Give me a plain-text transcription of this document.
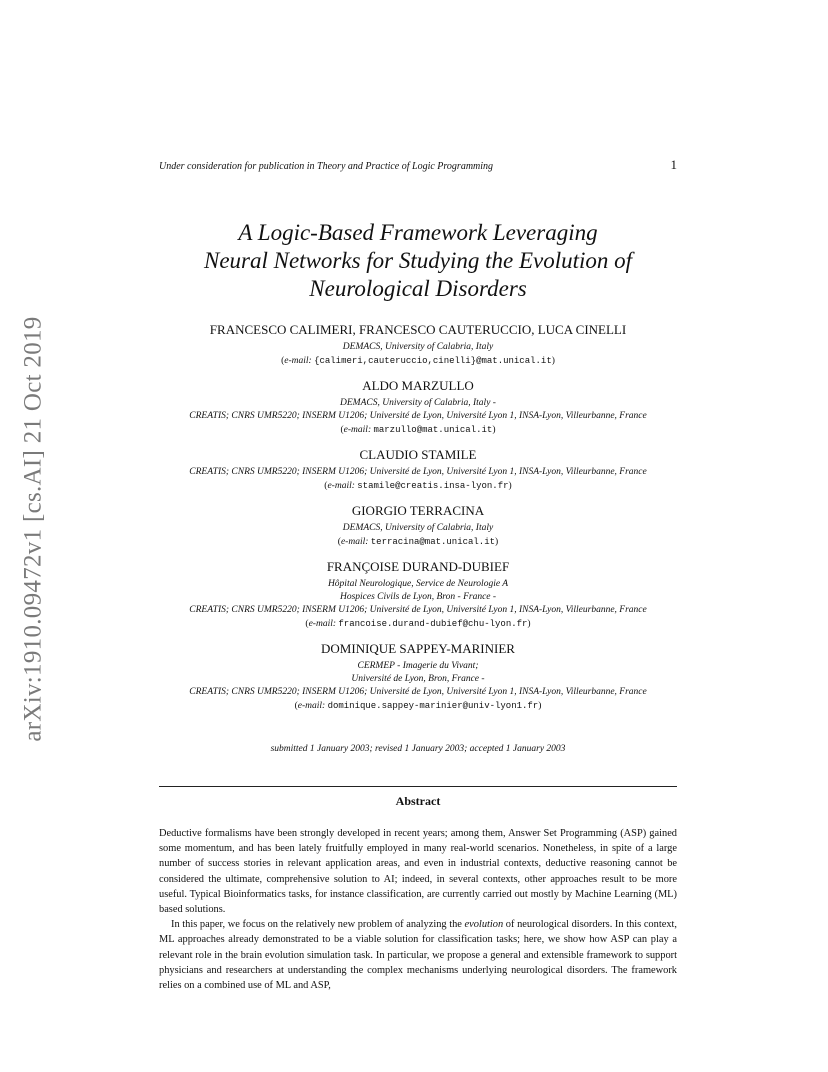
arXiv:1910.09472v1 [cs.AI] 21 Oct 2019
Under consideration for publication in Theory and Practice of Logic Programming	1
A Logic-Based Framework Leveraging
Neural Networks for Studying the Evolution of
Neurological Disorders
FRANCESCO CALIMERI, FRANCESCO CAUTERUCCIO, LUCA CINELLI
DEMACS, University of Calabria, Italy
(e-mail: {calimeri,cauteruccio,cinelli}@mat.unical.it)
ALDO MARZULLO
DEMACS, University of Calabria, Italy -
CREATIS; CNRS UMR5220; INSERM U1206; Université de Lyon, Université Lyon 1, INSA-Lyon, Villeurbanne, France
(e-mail: marzullo@mat.unical.it)
CLAUDIO STAMILE
CREATIS; CNRS UMR5220; INSERM U1206; Université de Lyon, Université Lyon 1, INSA-Lyon, Villeurbanne, France
(e-mail: stamile@creatis.insa-lyon.fr)
GIORGIO TERRACINA
DEMACS, University of Calabria, Italy
(e-mail: terracina@mat.unical.it)
FRANÇOISE DURAND-DUBIEF
Hôpital Neurologique, Service de Neurologie A
Hospices Civils de Lyon, Bron - France -
CREATIS; CNRS UMR5220; INSERM U1206; Université de Lyon, Université Lyon 1, INSA-Lyon, Villeurbanne, France
(e-mail: francoise.durand-dubief@chu-lyon.fr)
DOMINIQUE SAPPEY-MARINIER
CERMEP - Imagerie du Vivant;
Université de Lyon, Bron, France -
CREATIS; CNRS UMR5220; INSERM U1206; Université de Lyon, Université Lyon 1, INSA-Lyon, Villeurbanne, France
(e-mail: dominique.sappey-marinier@univ-lyon1.fr)
submitted 1 January 2003; revised 1 January 2003; accepted 1 January 2003
Abstract

Deductive formalisms have been strongly developed in recent years; among them, Answer Set Programming (ASP) gained some momentum, and has been lately fruitfully employed in many real-world scenarios. Nonetheless, in spite of a large number of success stories in relevant application areas, and even in industrial contexts, deductive reasoning cannot be considered the ultimate, comprehensive solution to AI; indeed, in several contexts, other approaches result to be more useful. Typical Bioinformatics tasks, for instance classification, are currently carried out mostly by Machine Learning (ML) based solutions.

In this paper, we focus on the relatively new problem of analyzing the evolution of neurological disorders. In this context, ML approaches already demonstrated to be a viable solution for classification tasks; here, we show how ASP can play a relevant role in the brain evolution simulation task. In particular, we propose a general and extensible framework to support physicians and researchers at understanding the complex mechanisms underlying neurological disorders. The framework relies on a combined use of ML and ASP,
